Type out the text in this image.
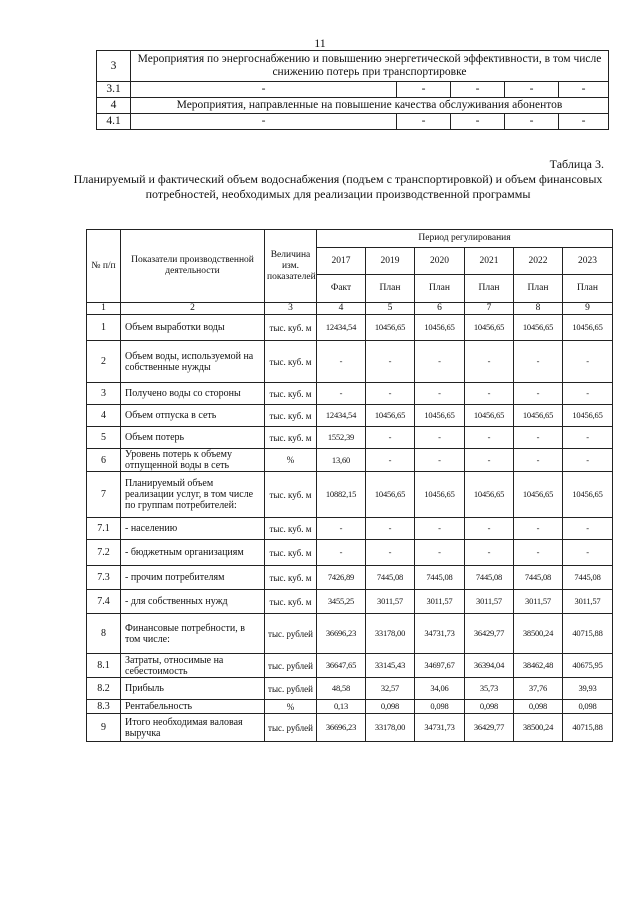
11
3	Мероприятия по энергоснабжению и повышению энергетической эффективности, в том числе снижению потерь при транспортировке				
3.1	-	-	-	-	-
4	Мероприятия, направленные на повышение качества обслуживания абонентов				
4.1	-	-	-	-	-
Таблица 3.
Планируемый и фактический объем водоснабжения (подъем с транспортировкой) и объем финансовых потребностей, необходимых для реализации производственной программы
№ п/п	Показатели производственной деятельности	Величина изм. показателей	Период регулирования					
			2017	2019	2020	2021	2022	2023
			Факт	План	План	План	План	План
1	2	3	4	5	6	7	8	9
1	Объем выработки воды	тыс. куб. м	12434,54	10456,65	10456,65	10456,65	10456,65	10456,65
2	Объем воды, используемой на собственные нужды	тыс. куб. м	-	-	-	-	-	-
3	Получено воды со стороны	тыс. куб. м	-	-	-	-	-	-
4	Объем отпуска в сеть	тыс. куб. м	12434,54	10456,65	10456,65	10456,65	10456,65	10456,65
5	Объем потерь	тыс. куб. м	1552,39	-	-	-	-	-
6	Уровень потерь к объему отпущенной воды в сеть	%	13,60	-	-	-	-	-
7	Планируемый объем реализации услуг, в том числе по группам потребителей:	тыс. куб. м	10882,15	10456,65	10456,65	10456,65	10456,65	10456,65
7.1	- населению	тыс. куб. м	-	-	-	-	-	-
7.2	- бюджетным организациям	тыс. куб. м	-	-	-	-	-	-
7.3	- прочим потребителям	тыс. куб. м	7426,89	7445,08	7445,08	7445,08	7445,08	7445,08
7.4	- для собственных нужд	тыс. куб. м	3455,25	3011,57	3011,57	3011,57	3011,57	3011,57
8	Финансовые потребности, в том числе:	тыс. рублей	36696,23	33178,00	34731,73	36429,77	38500,24	40715,88
8.1	Затраты, относимые на себестоимость	тыс. рублей	36647,65	33145,43	34697,67	36394,04	38462,48	40675,95
8.2	Прибыль	тыс. рублей	48,58	32,57	34,06	35,73	37,76	39,93
8.3	Рентабельность	%	0,13	0,098	0,098	0,098	0,098	0,098
9	Итого необходимая валовая выручка	тыс. рублей	36696,23	33178,00	34731,73	36429,77	38500,24	40715,88
